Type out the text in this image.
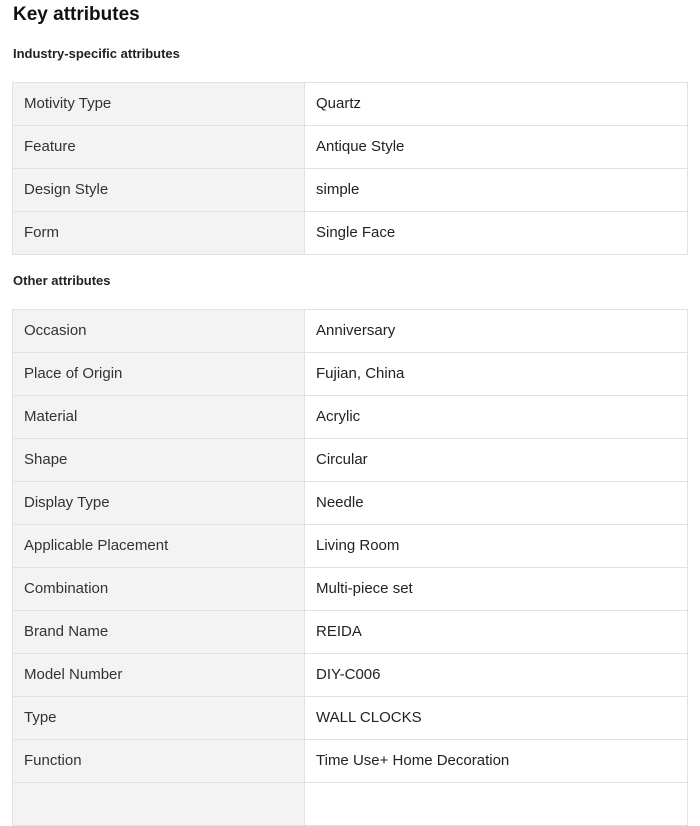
Key attributes
Industry-specific attributes
Motivity Type	Quartz
Feature	Antique Style
Design Style	simple
Form	Single Face
Other attributes
Occasion	Anniversary
Place of Origin	Fujian, China
Material	Acrylic
Shape	Circular
Display Type	Needle
Applicable Placement	Living Room
Combination	Multi-piece set
Brand Name	REIDA
Model Number	DIY-C006
Type	WALL CLOCKS
Function	Time Use+ Home Decoration
